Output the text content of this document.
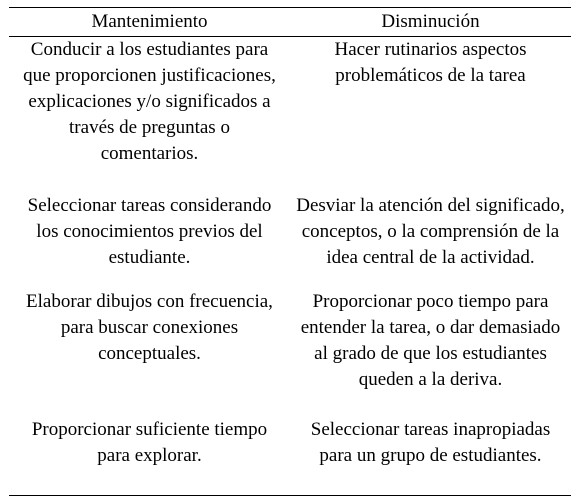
Mantenimiento	Disminución
Conducir a los estudiantes para que proporcionen justificaciones, explicaciones y/o significados a través de preguntas o comentarios.
Hacer rutinarios aspectos problemáticos de la tarea
Seleccionar tareas considerando los conocimientos previos del estudiante.
Desviar la atención del significado, conceptos, o la comprensión de la idea central de la actividad.
Elaborar dibujos con frecuencia, para buscar conexiones conceptuales.
Proporcionar poco tiempo para entender la tarea, o dar demasiado al grado de que los estudiantes queden a la deriva.
Proporcionar suficiente tiempo para explorar.
Seleccionar tareas inapropiadas para un grupo de estudiantes.
